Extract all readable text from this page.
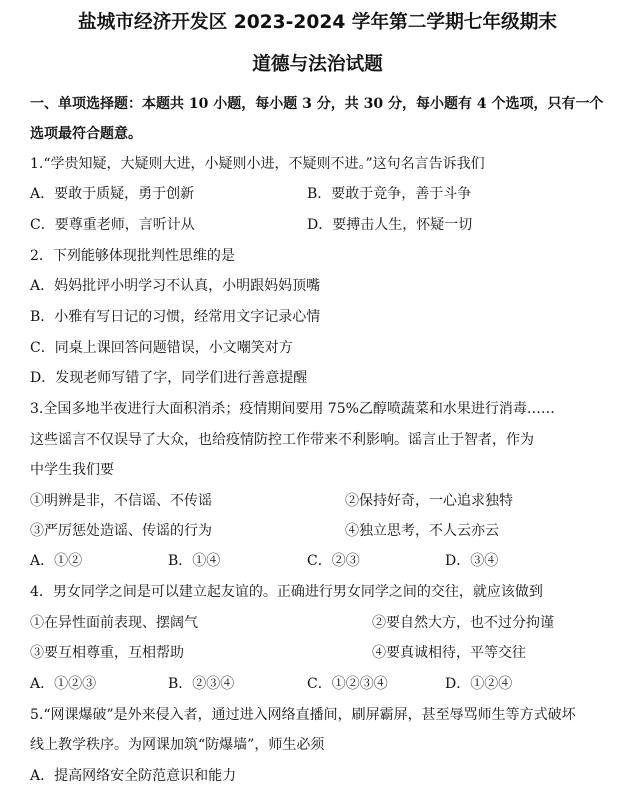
盐城市经济开发区 2023-2024 学年第二学期七年级期末
道德与法治试题
一、单项选择题：本题共 10 小题，每小题 3 分，共 30 分，每小题有 4 个选项，只有一个
选项最符合题意。
1.“学贵知疑，大疑则大进，小疑则小进，不疑则不进。”这句名言告诉我们
A．要敢于质疑，勇于创新	B．要敢于竞争，善于斗争
C．要尊重老师，言听计从	D．要搏击人生，怀疑一切
2．下列能够体现批判性思维的是
A．妈妈批评小明学习不认真，小明跟妈妈顶嘴
B．小雅有写日记的习惯，经常用文字记录心情
C．同桌上课回答问题错误，小文嘲笑对方
D．发现老师写错了字，同学们进行善意提醒
3.全国多地半夜进行大面积消杀；疫情期间要用 75%乙醇喷蔬菜和水果进行消毒……
这些谣言不仅误导了大众，也给疫情防控工作带来不利影响。谣言止于智者，作为
中学生我们要
①明辨是非，不信谣、不传谣	②保持好奇，一心追求独特
③严厉惩处造谣、传谣的行为	④独立思考，不人云亦云
A．①②	B．①④	C．②③	D．③④
4．男女同学之间是可以建立起友谊的。正确进行男女同学之间的交往，就应该做到
①在异性面前表现、摆阔气	②要自然大方，也不过分拘谨
③要互相尊重，互相帮助	④要真诚相待，平等交往
A．①②③	B．②③④	C．①②③④	D．①②④
5.“网课爆破”是外来侵入者，通过进入网络直播间，刷屏霸屏，甚至辱骂师生等方式破坏
线上教学秩序。为网课加筑“防爆墙”，师生必须
A．提高网络安全防范意识和能力
